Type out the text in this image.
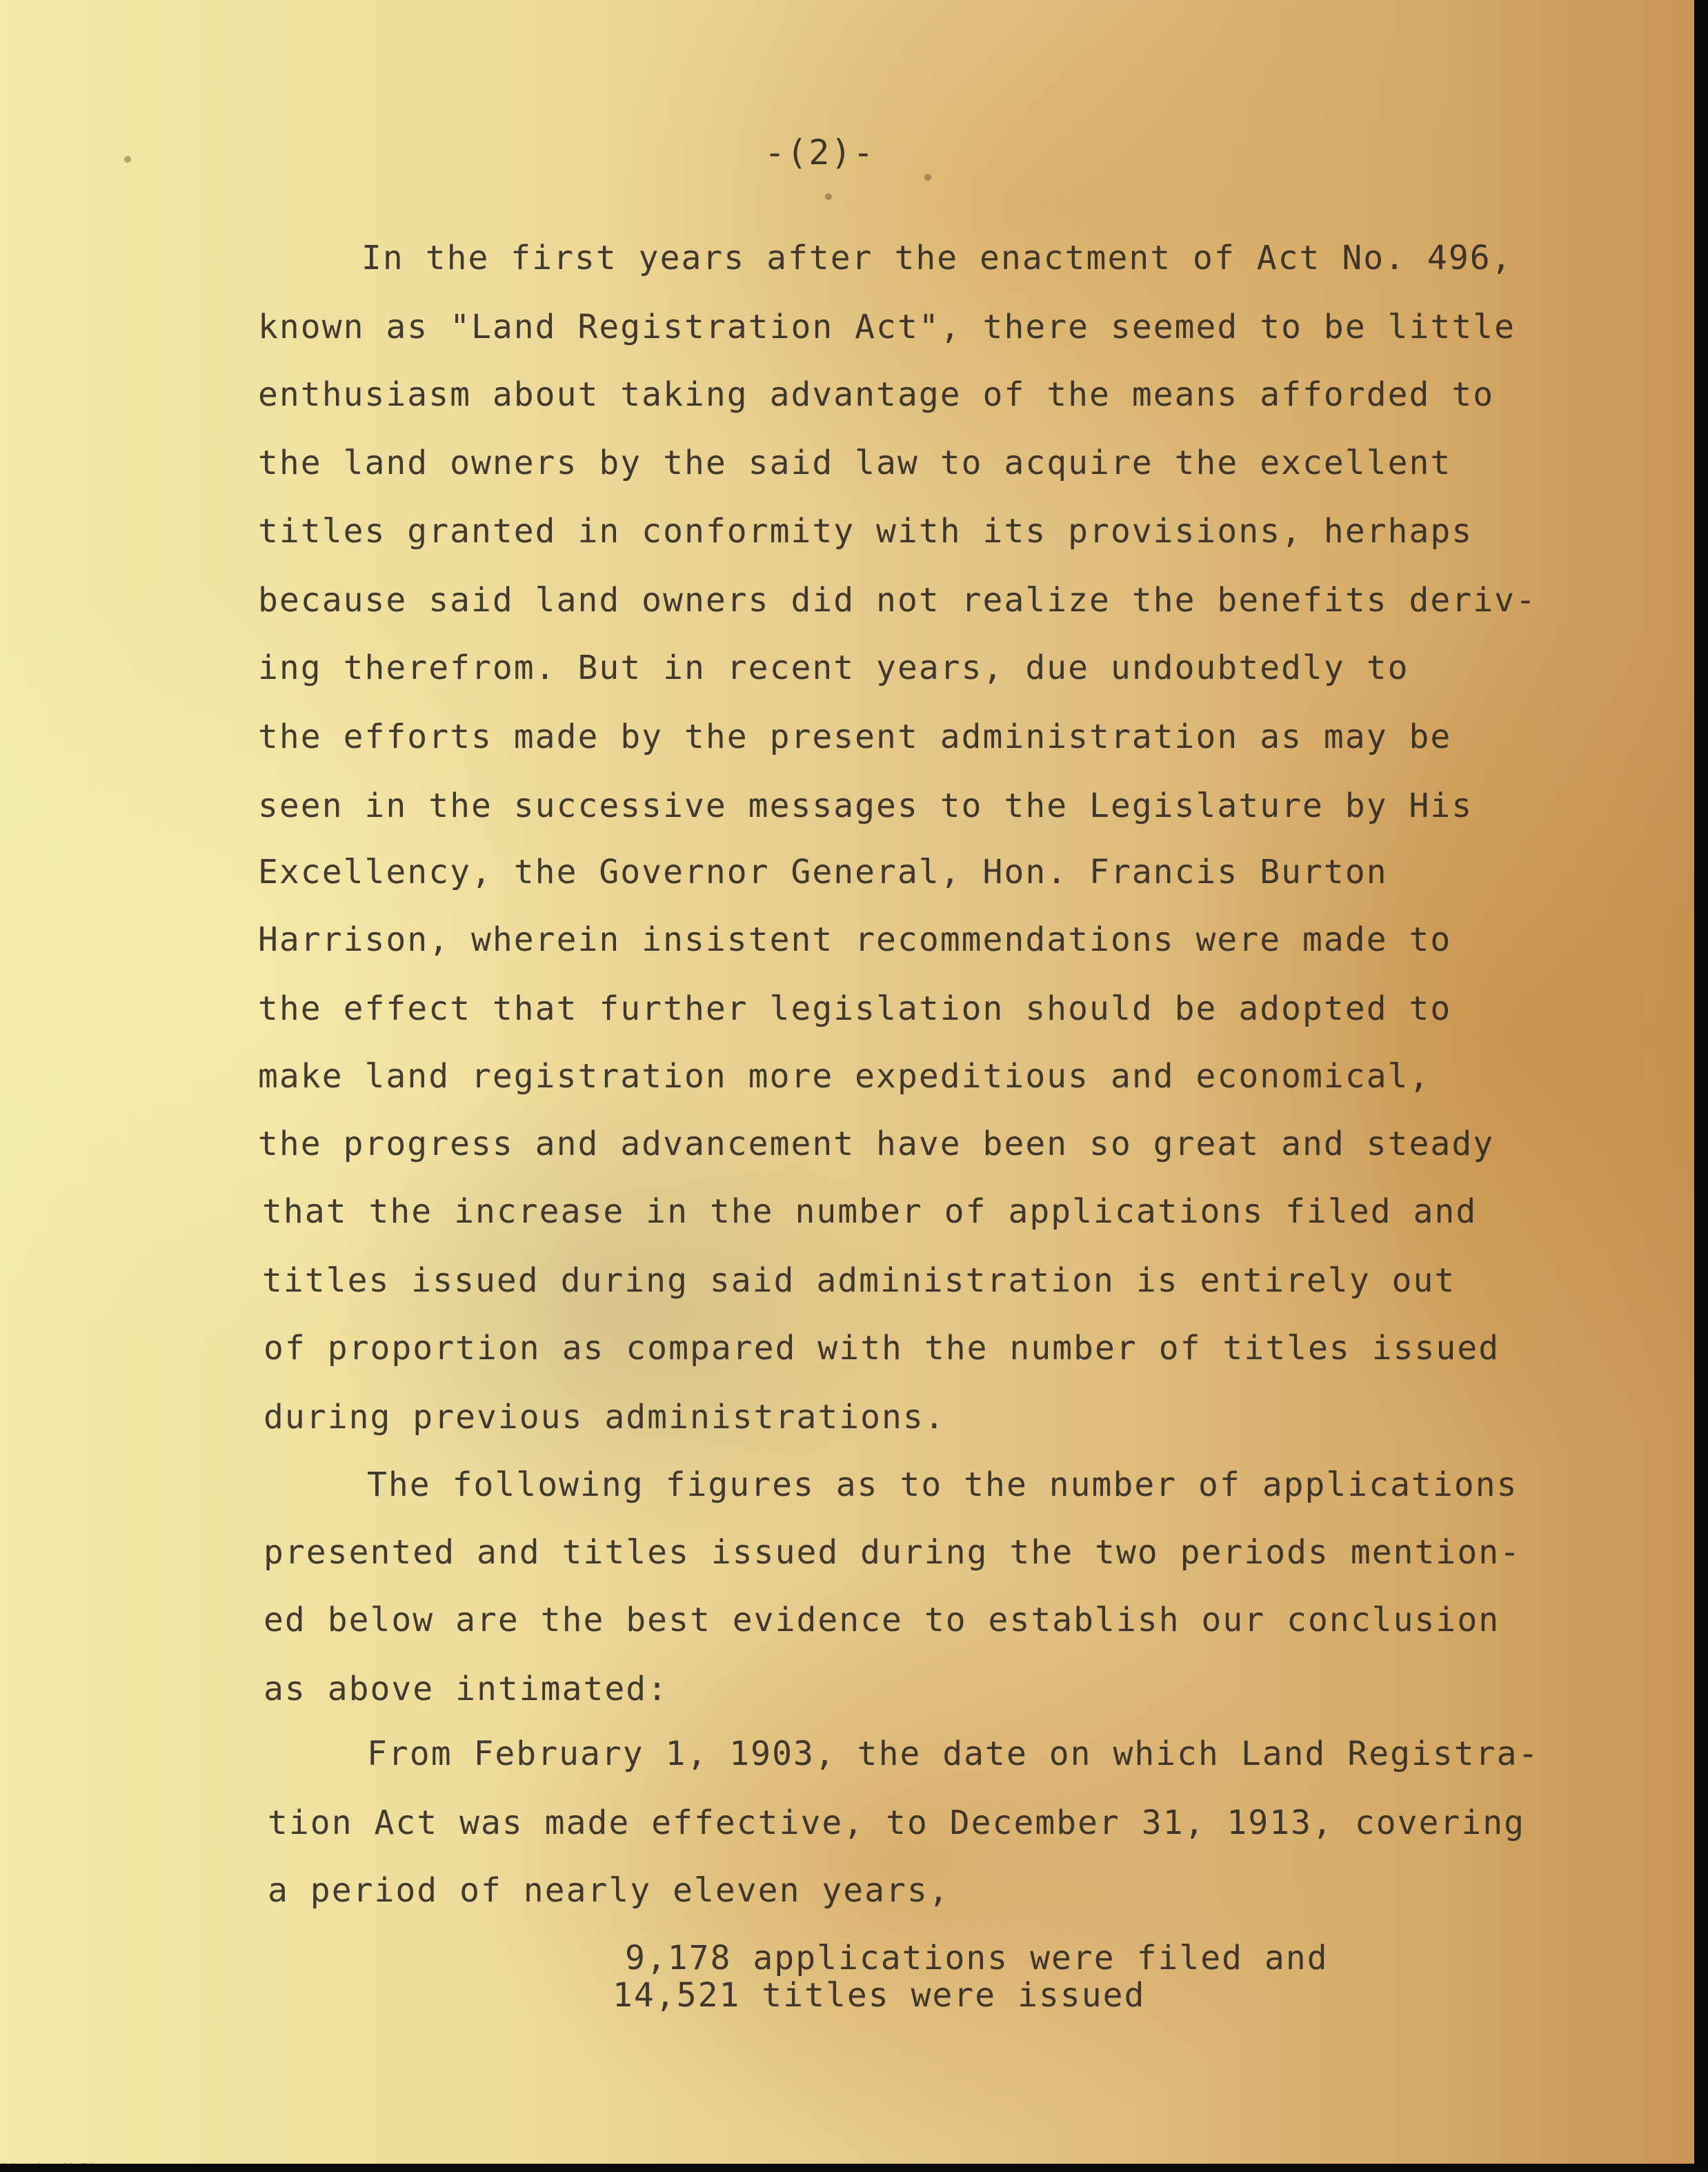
-(2)-
In the first years after the enactment of Act No. 496,
known as "Land Registration Act", there seemed to be little
enthusiasm about taking advantage of the means afforded to
the land owners by the said law to acquire the excellent
titles granted in conformity with its provisions, herhaps
because said land owners did not realize the benefits deriv-
ing therefrom. But in recent years, due undoubtedly to
the efforts made by the present administration as may be
seen in the successive messages to the Legislature by His
Excellency, the Governor General, Hon. Francis Burton
Harrison, wherein insistent recommendations were made to
the effect that further legislation should be adopted to
make land registration more expeditious and economical,
the progress and advancement have been so great and steady
that the increase in the number of applications filed and
titles issued during said administration is entirely out
of proportion as compared with the number of titles issued
during previous administrations.
The following figures as to the number of applications
presented and titles issued during the two periods mention-
ed below are the best evidence to establish our conclusion
as above intimated:
From February 1, 1903, the date on which Land Registra-
tion Act was made effective, to December 31, 1913, covering
a period of nearly eleven years,
9,178 applications were filed and
14,521 titles were issued
